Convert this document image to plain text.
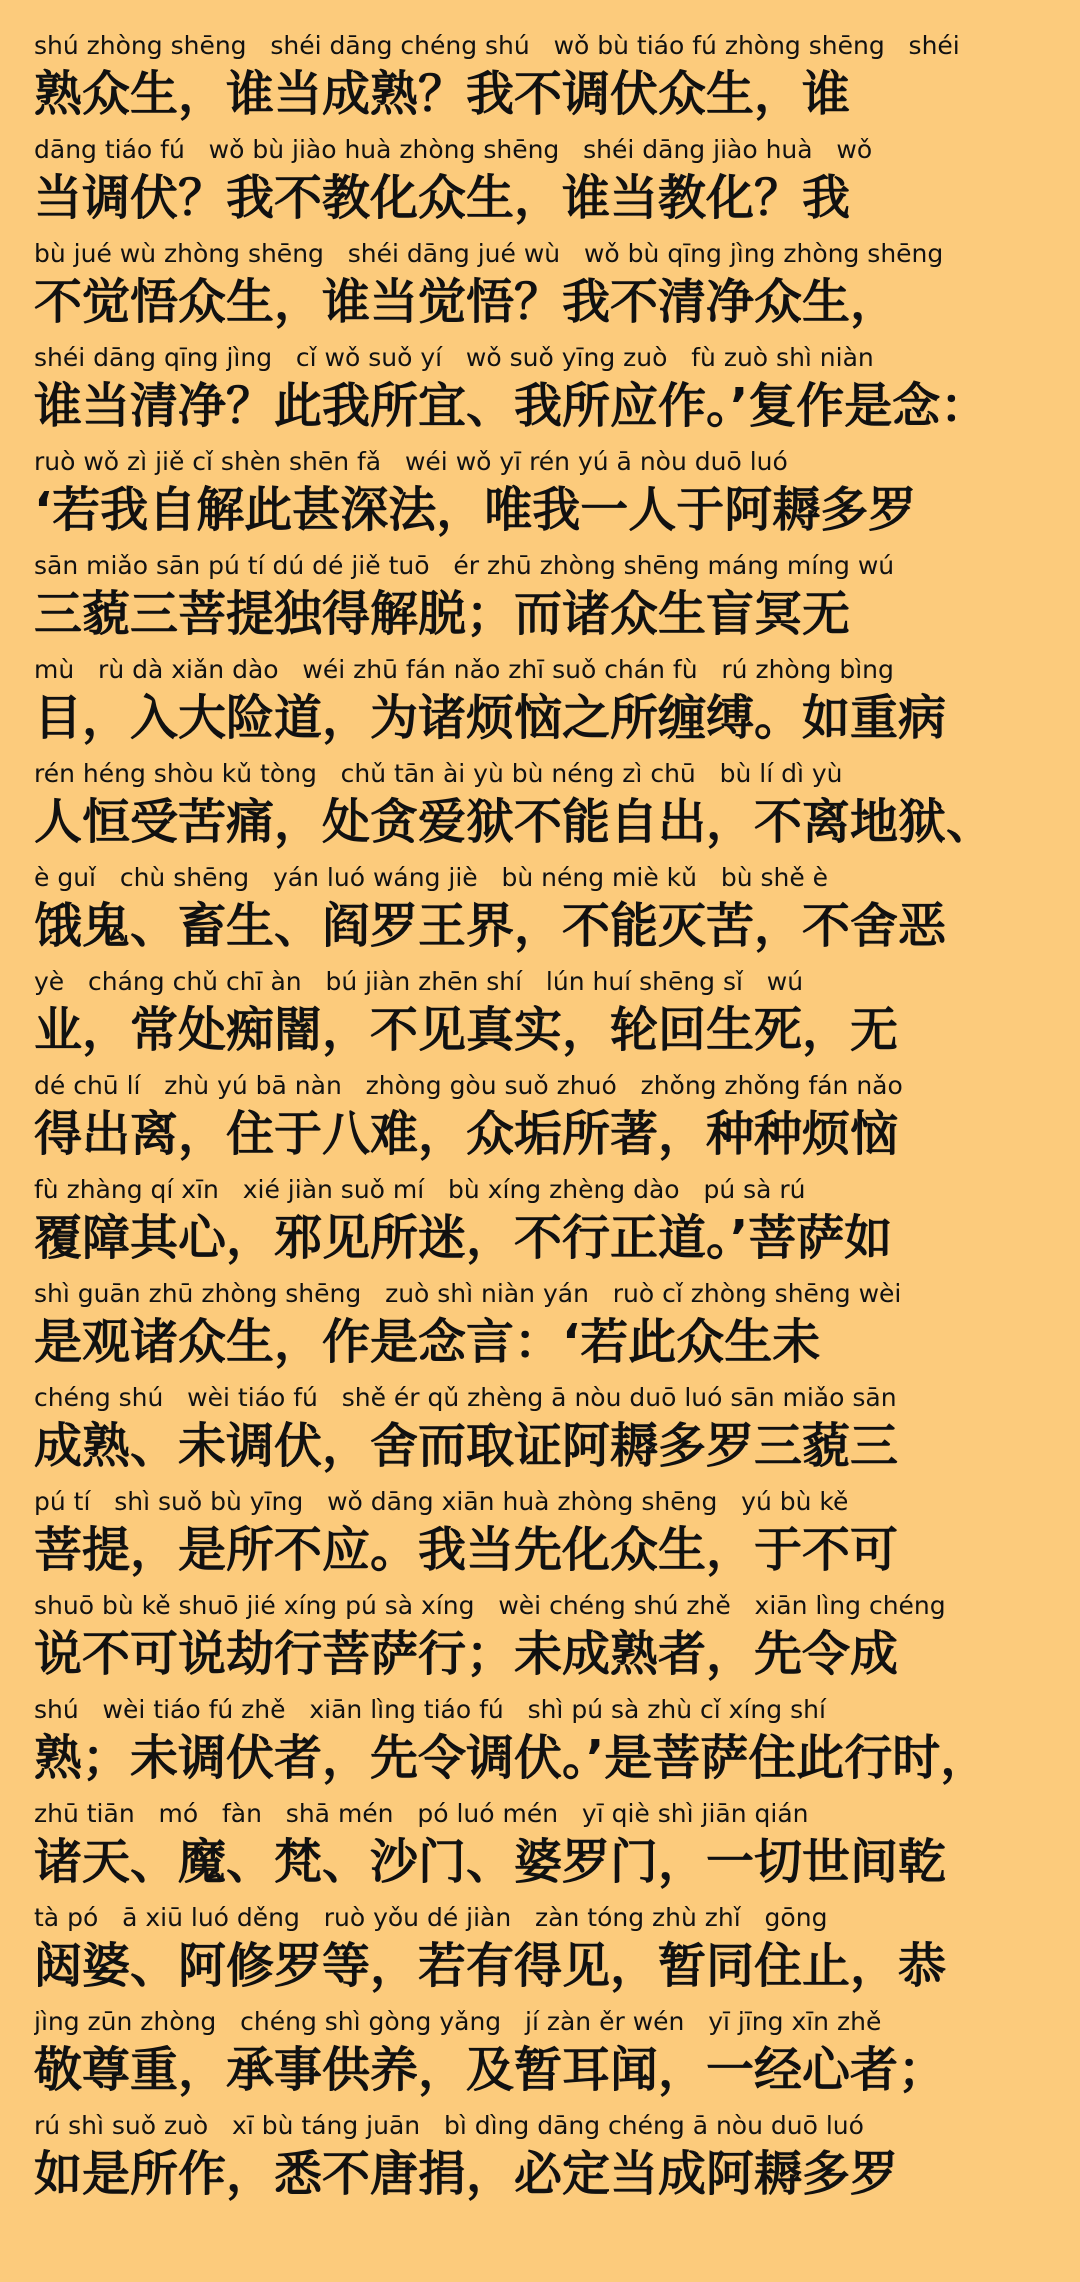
shú zhòng shēng   shéi dāng chéng shú   wǒ bù tiáo fú zhòng shēng   shéi
熟众生，谁当成熟？我不调伏众生，谁
dāng tiáo fú   wǒ bù jiào huà zhòng shēng   shéi dāng jiào huà   wǒ
当调伏？我不教化众生，谁当教化？我
bù jué wù zhòng shēng   shéi dāng jué wù   wǒ bù qīng jìng zhòng shēng
不觉悟众生，谁当觉悟？我不清净众生，
shéi dāng qīng jìng   cǐ wǒ suǒ yí   wǒ suǒ yīng zuò   fù zuò shì niàn
谁当清净？此我所宜、我所应作。’复作是念：
ruò wǒ zì jiě cǐ shèn shēn fǎ   wéi wǒ yī rén yú ā nòu duō luó
‘若我自解此甚深法，唯我一人于阿耨多罗
sān miǎo sān pú tí dú dé jiě tuō   ér zhū zhòng shēng máng míng wú
三藐三菩提独得解脱；而诸众生盲冥无
mù   rù dà xiǎn dào   wéi zhū fán nǎo zhī suǒ chán fù   rú zhòng bìng
目，入大险道，为诸烦恼之所缠缚。如重病
rén héng shòu kǔ tòng   chǔ tān ài yù bù néng zì chū   bù lí dì yù
人恒受苦痛，处贪爱狱不能自出，不离地狱、
è guǐ   chù shēng   yán luó wáng jiè   bù néng miè kǔ   bù shě è
饿鬼、畜生、阎罗王界，不能灭苦，不舍恶
yè   cháng chǔ chī àn   bú jiàn zhēn shí   lún huí shēng sǐ   wú
业，常处痴闇，不见真实，轮回生死，无
dé chū lí   zhù yú bā nàn   zhòng gòu suǒ zhuó   zhǒng zhǒng fán nǎo
得出离，住于八难，众垢所著，种种烦恼
fù zhàng qí xīn   xié jiàn suǒ mí   bù xíng zhèng dào   pú sà rú
覆障其心，邪见所迷，不行正道。’菩萨如
shì guān zhū zhòng shēng   zuò shì niàn yán   ruò cǐ zhòng shēng wèi
是观诸众生，作是念言：‘若此众生未
chéng shú   wèi tiáo fú   shě ér qǔ zhèng ā nòu duō luó sān miǎo sān
成熟、未调伏，舍而取证阿耨多罗三藐三
pú tí   shì suǒ bù yīng   wǒ dāng xiān huà zhòng shēng   yú bù kě
菩提，是所不应。我当先化众生，于不可
shuō bù kě shuō jié xíng pú sà xíng   wèi chéng shú zhě   xiān lìng chéng
说不可说劫行菩萨行；未成熟者，先令成
shú   wèi tiáo fú zhě   xiān lìng tiáo fú   shì pú sà zhù cǐ xíng shí
熟；未调伏者，先令调伏。’是菩萨住此行时，
zhū tiān   mó   fàn   shā mén   pó luó mén   yī qiè shì jiān qián
诸天、魔、梵、沙门、婆罗门，一切世间乾
tà pó   ā xiū luó děng   ruò yǒu dé jiàn   zàn tóng zhù zhǐ   gōng
闼婆、阿修罗等，若有得见，暂同住止，恭
jìng zūn zhòng   chéng shì gòng yǎng   jí zàn ěr wén   yī jīng xīn zhě
敬尊重，承事供养，及暂耳闻，一经心者；
rú shì suǒ zuò   xī bù táng juān   bì dìng dāng chéng ā nòu duō luó
如是所作，悉不唐捐，必定当成阿耨多罗
